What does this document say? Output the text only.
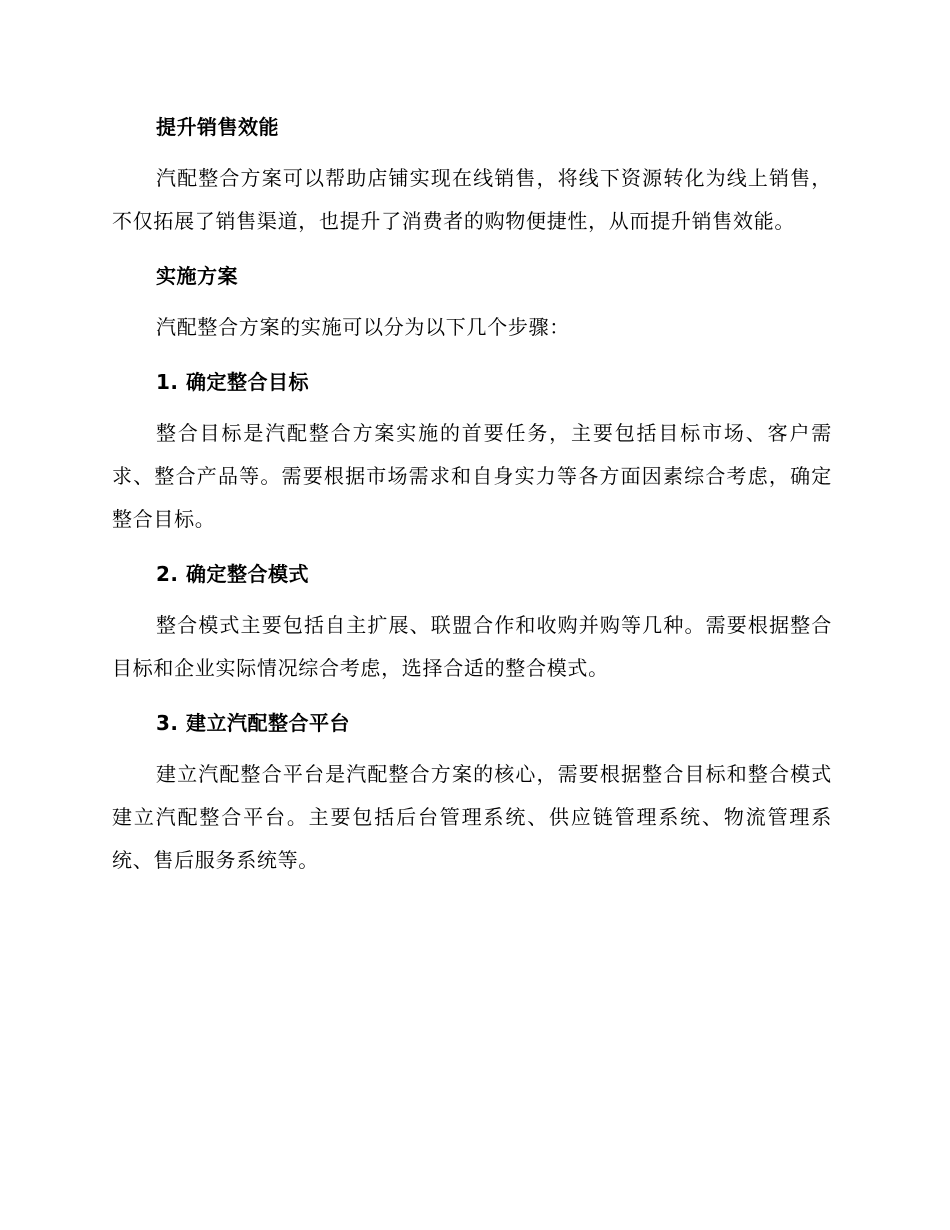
提升销售效能

汽配整合方案可以帮助店铺实现在线销售，将线下资源转化为线上销售，不仅拓展了销售渠道，也提升了消费者的购物便捷性，从而提升销售效能。

实施方案

汽配整合方案的实施可以分为以下几个步骤：

1. 确定整合目标

整合目标是汽配整合方案实施的首要任务，主要包括目标市场、客户需求、整合产品等。需要根据市场需求和自身实力等各方面因素综合考虑，确定整合目标。

2. 确定整合模式

整合模式主要包括自主扩展、联盟合作和收购并购等几种。需要根据整合目标和企业实际情况综合考虑，选择合适的整合模式。

3. 建立汽配整合平台

建立汽配整合平台是汽配整合方案的核心，需要根据整合目标和整合模式建立汽配整合平台。主要包括后台管理系统、供应链管理系统、物流管理系统、售后服务系统等。
